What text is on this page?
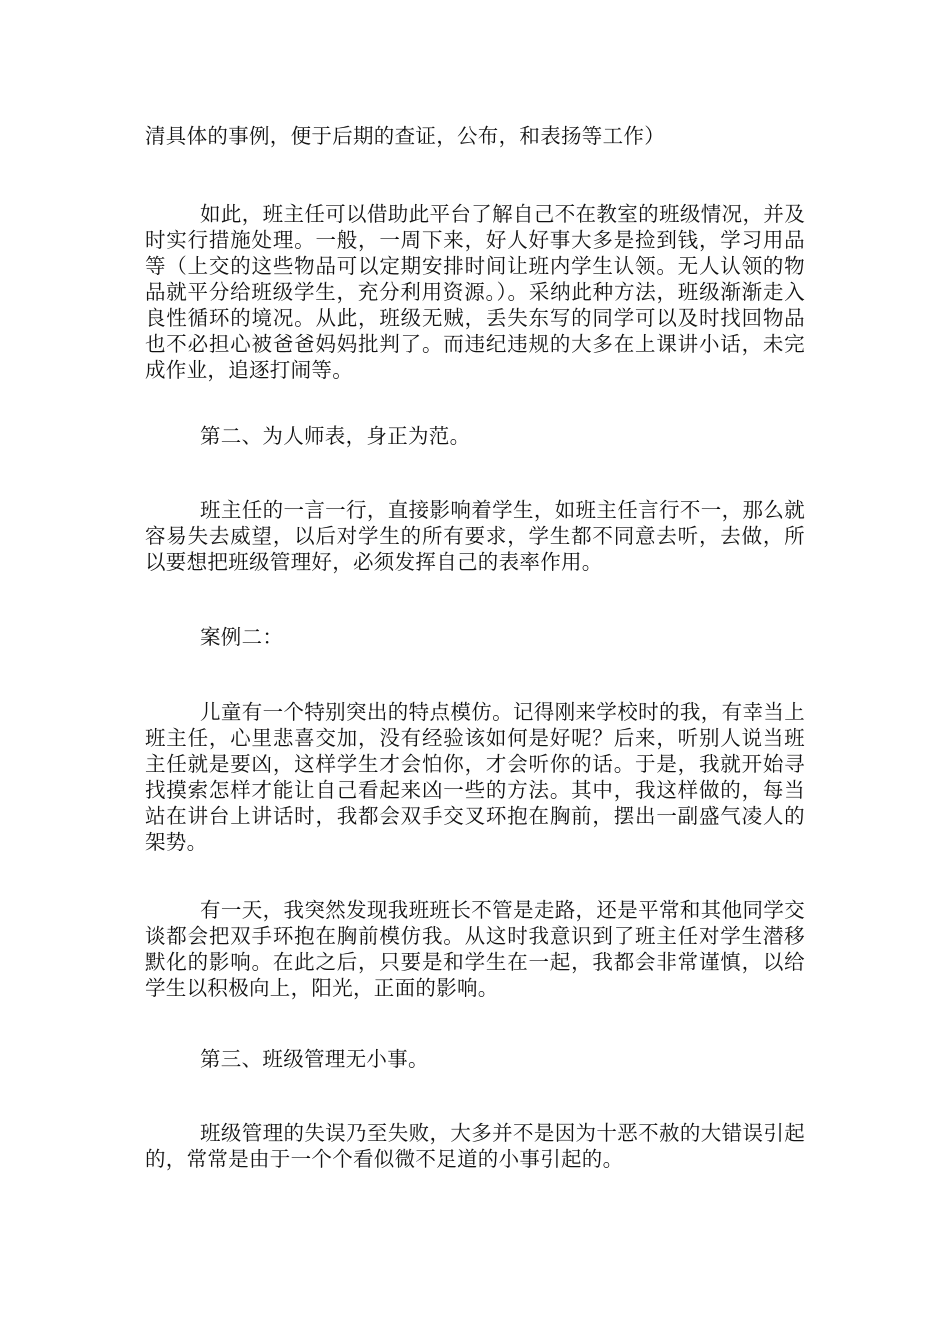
清具体的事例，便于后期的查证，公布，和表扬等工作）

如此，班主任可以借助此平台了解自己不在教室的班级情况，并及时实行措施处理。一般，一周下来，好人好事大多是捡到钱，学习用品等（上交的这些物品可以定期安排时间让班内学生认领。无人认领的物品就平分给班级学生，充分利用资源。）。采纳此种方法，班级渐渐走入良性循环的境况。从此，班级无贼，丢失东写的同学可以及时找回物品也不必担心被爸爸妈妈批判了。而违纪违规的大多在上课讲小话，未完成作业，追逐打闹等。

第二、为人师表，身正为范。

班主任的一言一行，直接影响着学生，如班主任言行不一，那么就容易失去威望，以后对学生的所有要求，学生都不同意去听，去做，所以要想把班级管理好，必须发挥自己的表率作用。

案例二：

儿童有一个特别突出的特点模仿。记得刚来学校时的我，有幸当上班主任，心里悲喜交加，没有经验该如何是好呢？后来，听别人说当班主任就是要凶，这样学生才会怕你，才会听你的话。于是，我就开始寻找摸索怎样才能让自己看起来凶一些的方法。其中，我这样做的，每当站在讲台上讲话时，我都会双手交叉环抱在胸前，摆出一副盛气凌人的架势。

有一天，我突然发现我班班长不管是走路，还是平常和其他同学交谈都会把双手环抱在胸前模仿我。从这时我意识到了班主任对学生潜移默化的影响。在此之后，只要是和学生在一起，我都会非常谨慎，以给学生以积极向上，阳光，正面的影响。

第三、班级管理无小事。

班级管理的失误乃至失败，大多并不是因为十恶不赦的大错误引起的，常常是由于一个个看似微不足道的小事引起的。
